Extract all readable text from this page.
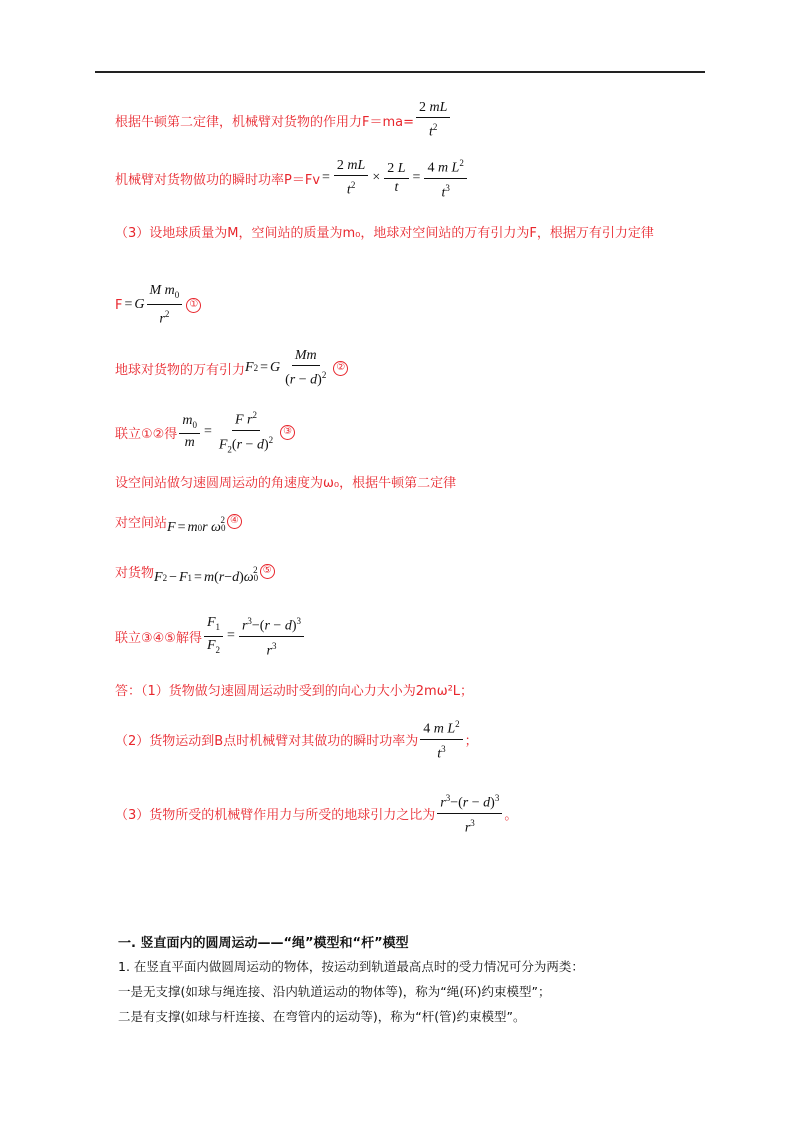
根据牛顿第二定律，机械臂对货物的作用力$F=ma= \frac{2 mL}{t^2}$
机械臂对货物做功的瞬时功率$P=Fv = \frac{2 mL}{t^2} \times \frac{2 L}{t} = \frac{4 m L^2}{t^3}$
（3）设地球质量为M，空间站的质量为m₀，地球对空间站的万有引力为F，根据万有引力定律
F = G $\frac{M m_0}{r^2}$ ①
地球对货物的万有引力 F 2 = G $\frac{Mm}{(r - d)^2}$ ②
联立①②得 $\frac{m_0}{m} = \frac{F r^2}{F_2(r - d)^2}$ ③
设空间站做匀速圆周运动的角速度为ω₀，根据牛顿第二定律
对空间站 F = m 0 r ω 0
$^2$ ④
对货物 F 2 − F 1 = m ( r − d ) ω 0
$^2$ ⑤
联立③④⑤解得 $\frac{F_1}{F_2} = \frac{r^3-(r - d)^3}{r^3}$
答：（1）货物做匀速圆周运动时受到的向心力大小为2mω²L；
（2）货物运动到B点时机械臂对其做功的瞬时功率为 $\frac{4 m L^2}{t^3}$ ；
（3）货物所受的机械臂作用力与所受的地球引力之比为 $\frac{r^3-(r - d)^3}{r^3}$ 。
一. 竖直面内的圆周运动——“绳”模型和“杆”模型
1. 在竖直平面内做圆周运动的物体，按运动到轨道最高点时的受力情况可分为两类：
一是无支撑(如球与绳连接、沿内轨道运动的物体等)，称为“绳(环)约束模型”；
二是有支撑(如球与杆连接、在弯管内的运动等)，称为“杆(管)约束模型”。
